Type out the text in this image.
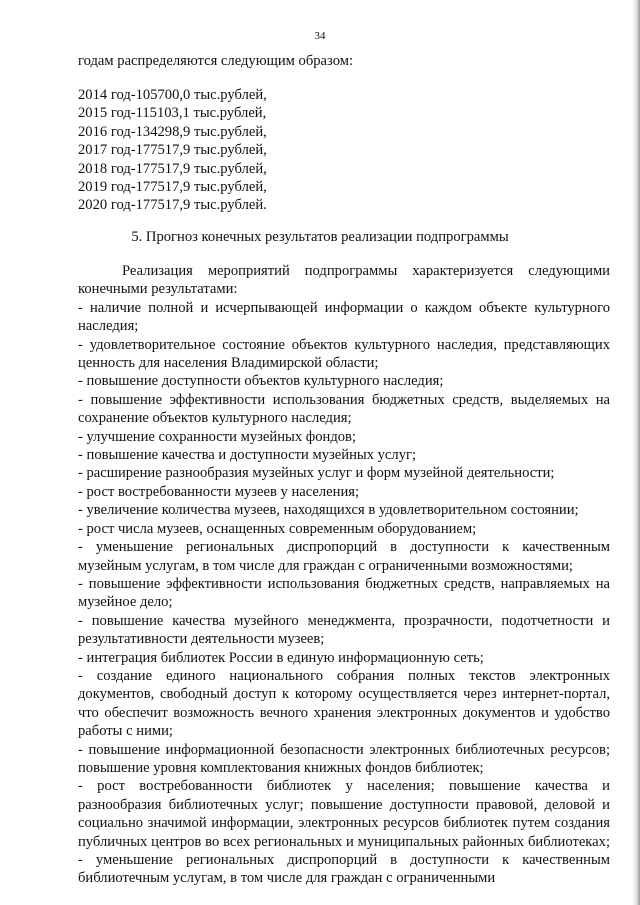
34
годам распределяются следующим образом:
2014 год-105700,0 тыс.рублей,
2015 год-115103,1 тыс.рублей,
2016 год-134298,9 тыс.рублей,
2017 год-177517,9 тыс.рублей,
2018 год-177517,9 тыс.рублей,
2019 год-177517,9 тыс.рублей,
2020 год-177517,9 тыс.рублей.
5. Прогноз конечных результатов реализации подпрограммы

Реализация мероприятий подпрограммы характеризуется следующими конечными результатами:

- наличие полной и исчерпывающей информации о каждом объекте культурного наследия;

- удовлетворительное состояние объектов культурного наследия, представляющих ценность для населения Владимирской области;

- повышение доступности объектов культурного наследия;

- повышение эффективности использования бюджетных средств, выделяемых на сохранение объектов культурного наследия;

- улучшение сохранности музейных фондов;

- повышение качества и доступности музейных услуг;

- расширение разнообразия музейных услуг и форм музейной деятельности;

- рост востребованности музеев у населения;

- увеличение количества музеев, находящихся в удовлетворительном состоянии;

- рост числа музеев, оснащенных современным оборудованием;

- уменьшение региональных диспропорций в доступности к качественным музейным услугам, в том числе для граждан с ограниченными возможностями;

- повышение эффективности использования бюджетных средств, направляемых на музейное дело;

- повышение качества музейного менеджмента, прозрачности, подотчетности и результативности деятельности музеев;

- интеграция библиотек России в единую информационную сеть;

- создание единого национального собрания полных текстов электронных документов, свободный доступ к которому осуществляется через интернет-портал, что обеспечит возможность вечного хранения электронных документов и удобство работы с ними;

- повышение информационной безопасности электронных библиотечных ресурсов; повышение уровня комплектования книжных фондов библиотек;

- рост востребованности библиотек у населения; повышение качества и разнообразия библиотечных услуг; повышение доступности правовой, деловой и социально значимой информации, электронных ресурсов библиотек путем создания публичных центров во всех региональных и муниципальных районных библиотеках; - уменьшение региональных диспропорций в доступности к качественным библиотечным услугам, в том числе для граждан с ограниченными
